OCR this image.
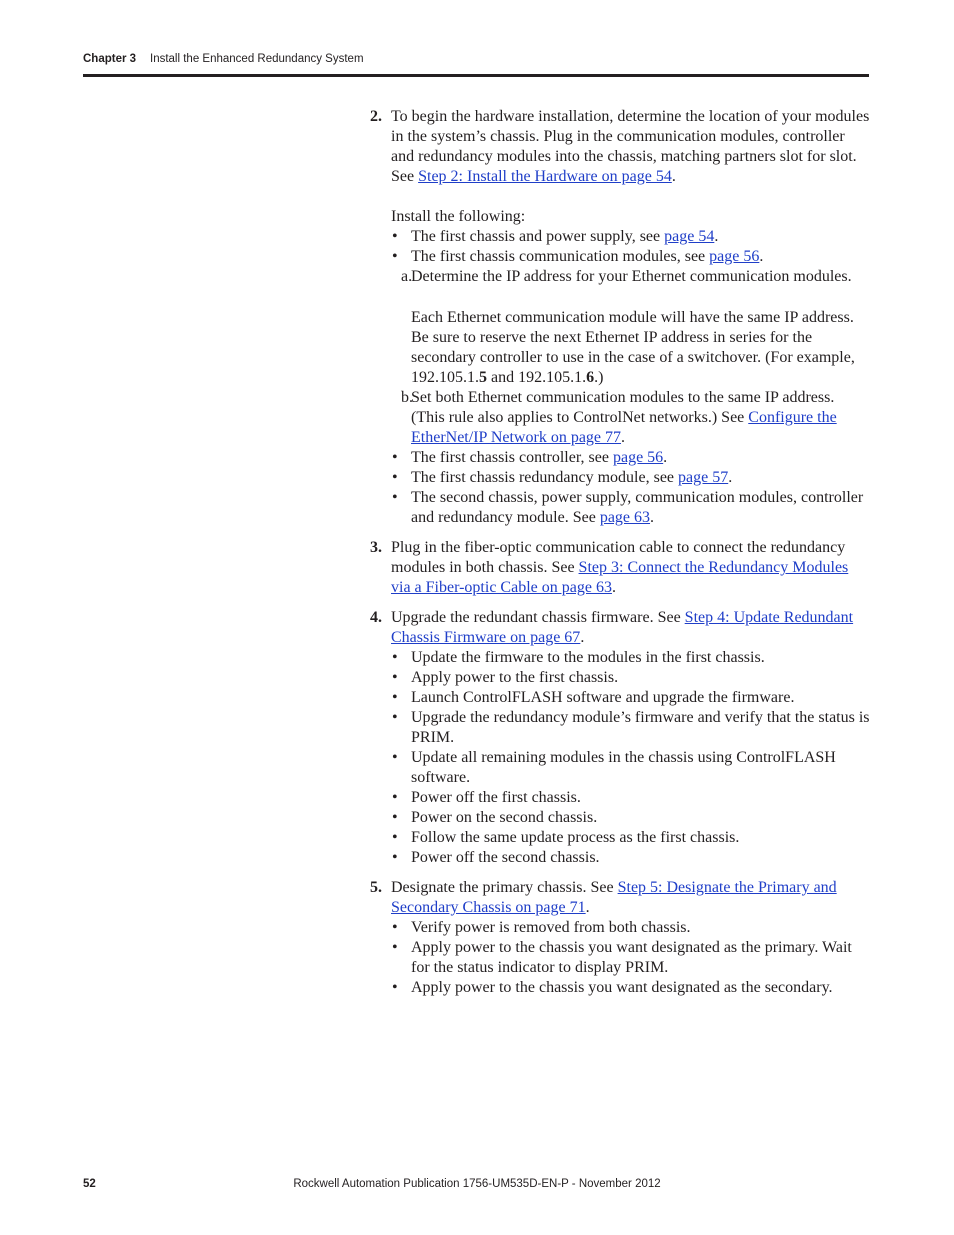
Chapter 3 Install the Enhanced Redundancy System
2. To begin the hardware installation, determine the location of your modules in the system’s chassis. Plug in the communication modules, controller and redundancy modules into the chassis, matching partners slot for slot. See Step 2: Install the Hardware on page 54.

Install the following:

• The first chassis and power supply, see page 54.
• The first chassis communication modules, see page 56.
a.
Determine the IP address for your Ethernet communication modules.

Each Ethernet communication module will have the same IP address. Be sure to reserve the next Ethernet IP address in series for the secondary controller to use in the case of a switchover. (For example, 192.105.1.5 and 192.105.1.6.)

b.
Set both Ethernet communication modules to the same IP address. (This rule also applies to ControlNet networks.) See Configure the EtherNet/IP Network on page 77.
• The first chassis controller, see page 56.
• The first chassis redundancy module, see page 57.
• The second chassis, power supply, communication modules, controller and redundancy module. See page 63.
3. Plug in the fiber-optic communication cable to connect the redundancy modules in both chassis. See Step 3: Connect the Redundancy Modules via a Fiber-optic Cable on page 63.

4. Upgrade the redundant chassis firmware. See Step 4: Update Redundant Chassis Firmware on page 67.

• Update the firmware to the modules in the first chassis.
• Apply power to the first chassis.
• Launch ControlFLASH software and upgrade the firmware.
• Upgrade the redundancy module’s firmware and verify that the status is PRIM.
• Update all remaining modules in the chassis using ControlFLASH software.
• Power off the first chassis.
• Power on the second chassis.
• Follow the same update process as the first chassis.
• Power off the second chassis.
5. Designate the primary chassis. See Step 5: Designate the Primary and Secondary Chassis on page 71.

• Verify power is removed from both chassis.
• Apply power to the chassis you want designated as the primary. Wait for the status indicator to display PRIM.
• Apply power to the chassis you want designated as the secondary.
52	Rockwell Automation Publication 1756-UM535D-EN-P - November 2012
